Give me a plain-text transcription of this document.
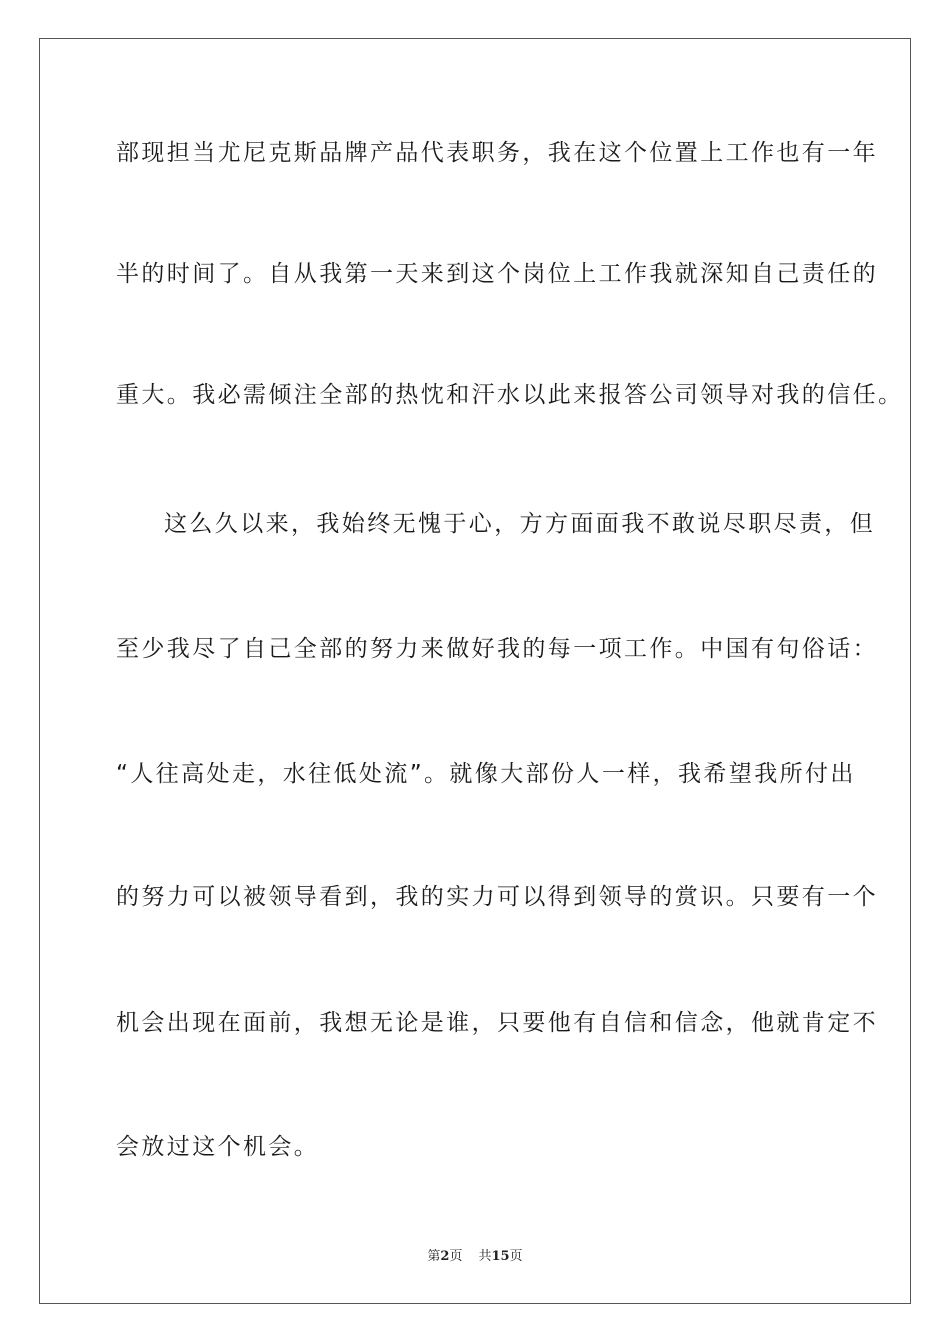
部现担当尤尼克斯品牌产品代表职务，我在这个位置上工作也有一年
半的时间了。自从我第一天来到这个岗位上工作我就深知自己责任的
重大。我必需倾注全部的热忱和汗水以此来报答公司领导对我的信任。
这么久以来，我始终无愧于心，方方面面我不敢说尽职尽责，但
至少我尽了自己全部的努力来做好我的每一项工作。中国有句俗话：
“人往高处走，水往低处流”。就像大部份人一样，我希望我所付出
的努力可以被领导看到，我的实力可以得到领导的赏识。只要有一个
机会出现在面前，我想无论是谁，只要他有自信和信念，他就肯定不
会放过这个机会。
第2页 共15页
